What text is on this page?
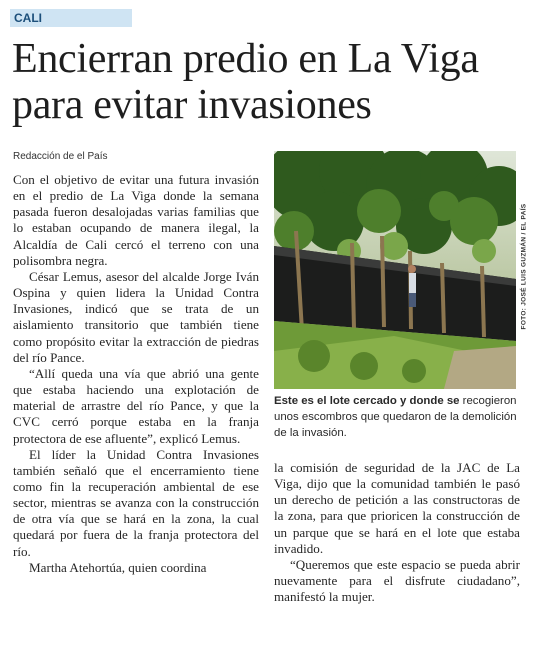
CALI
Encierran predio en La Viga para evitar invasiones
Redacción de el País

Con el objetivo de evitar una futura invasión en el predio de La Viga donde la semana pasada fueron desalojadas varias familias que lo estaban ocupando de manera ilegal, la Alcaldía de Cali cercó el terreno con una polisombra negra.

César Lemus, asesor del alcalde Jorge Iván Ospina y quien lidera la Unidad Contra Invasiones, indicó que se trata de un aislamiento transitorio que también tiene como propósito evitar la extracción de piedras del río Pance.

“Allí queda una vía que abrió una gente que estaba haciendo una explotación de material de arrastre del río Pance, y que la CVC cerró porque estaba en la franja protectora de ese afluente”, explicó Lemus.

El líder la Unidad Contra Invasiones también señaló que el encerramiento tiene como fin la recuperación ambiental de ese sector, mientras se avanza con la construcción de otra vía que se hará en la zona, la cual quedará por fuera de la franja protectora del río.

Martha Atehortúa, quien coordina

FOTO: JOSÉ LUIS GUZMÁN / EL PAÍS
Este es el lote cercado y donde se recogieron unos escombros que quedaron de la demolición de la invasión.

la comisión de seguridad de la JAC de La Viga, dijo que la comunidad también le pasó un derecho de petición a las constructoras de la zona, para que prioricen la construcción de un parque que se hará en el lote que estaba invadido.

“Queremos que este espacio se pueda abrir nuevamente para el disfrute ciudadano”, manifestó la mujer.
